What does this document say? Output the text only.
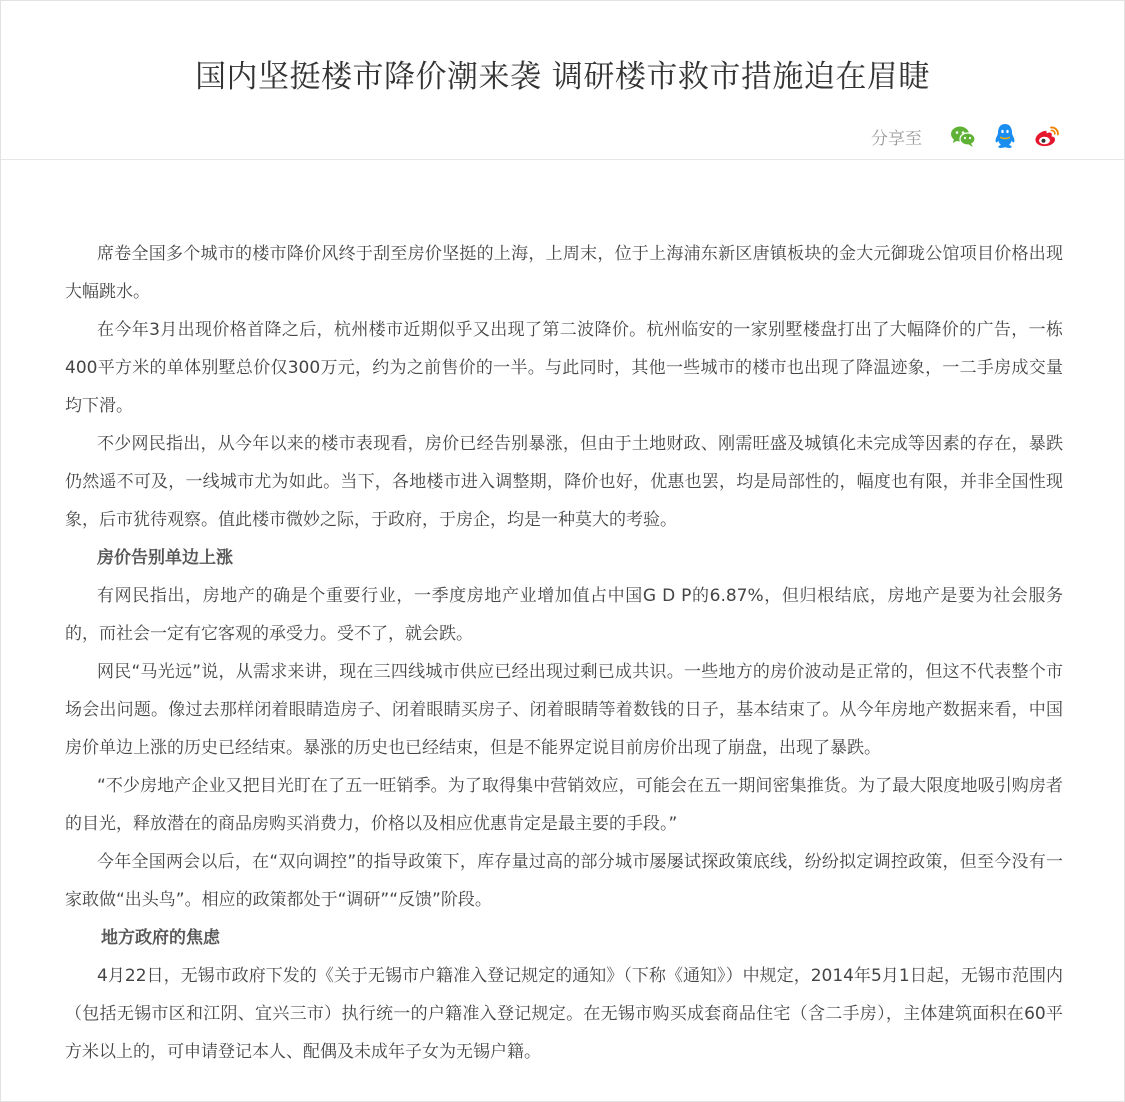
国内坚挺楼市降价潮来袭 调研楼市救市措施迫在眉睫
分享至

席卷全国多个城市的楼市降价风终于刮至房价坚挺的上海，上周末，位于上海浦东新区唐镇板块的金大元御珑公馆项目价格出现大幅跳水。

在今年3月出现价格首降之后，杭州楼市近期似乎又出现了第二波降价。杭州临安的一家别墅楼盘打出了大幅降价的广告，一栋400平方米的单体别墅总价仅300万元，约为之前售价的一半。与此同时，其他一些城市的楼市也出现了降温迹象，一二手房成交量均下滑。

不少网民指出，从今年以来的楼市表现看，房价已经告别暴涨，但由于土地财政、刚需旺盛及城镇化未完成等因素的存在，暴跌仍然遥不可及，一线城市尤为如此。当下，各地楼市进入调整期，降价也好，优惠也罢，均是局部性的，幅度也有限，并非全国性现象，后市犹待观察。值此楼市微妙之际，于政府，于房企，均是一种莫大的考验。

房价告别单边上涨

有网民指出，房地产的确是个重要行业，一季度房地产业增加值占中国G D P的6.87%，但归根结底，房地产是要为社会服务的，而社会一定有它客观的承受力。受不了，就会跌。

网民“马光远”说，从需求来讲，现在三四线城市供应已经出现过剩已成共识。一些地方的房价波动是正常的，但这不代表整个市场会出问题。像过去那样闭着眼睛造房子、闭着眼睛买房子、闭着眼睛等着数钱的日子，基本结束了。从今年房地产数据来看，中国房价单边上涨的历史已经结束。暴涨的历史也已经结束，但是不能界定说目前房价出现了崩盘，出现了暴跌。

“不少房地产企业又把目光盯在了五一旺销季。为了取得集中营销效应，可能会在五一期间密集推货。为了最大限度地吸引购房者的目光，释放潜在的商品房购买消费力，价格以及相应优惠肯定是最主要的手段。”

今年全国两会以后，在“双向调控”的指导政策下，库存量过高的部分城市屡屡试探政策底线，纷纷拟定调控政策，但至今没有一家敢做“出头鸟”。相应的政策都处于“调研”“反馈”阶段。

地方政府的焦虑

4月22日，无锡市政府下发的《关于无锡市户籍准入登记规定的通知》（下称《通知》）中规定，2014年5月1日起，无锡市范围内（包括无锡市区和江阴、宜兴三市）执行统一的户籍准入登记规定。在无锡市购买成套商品住宅（含二手房），主体建筑面积在60平方米以上的，可申请登记本人、配偶及未成年子女为无锡户籍。
